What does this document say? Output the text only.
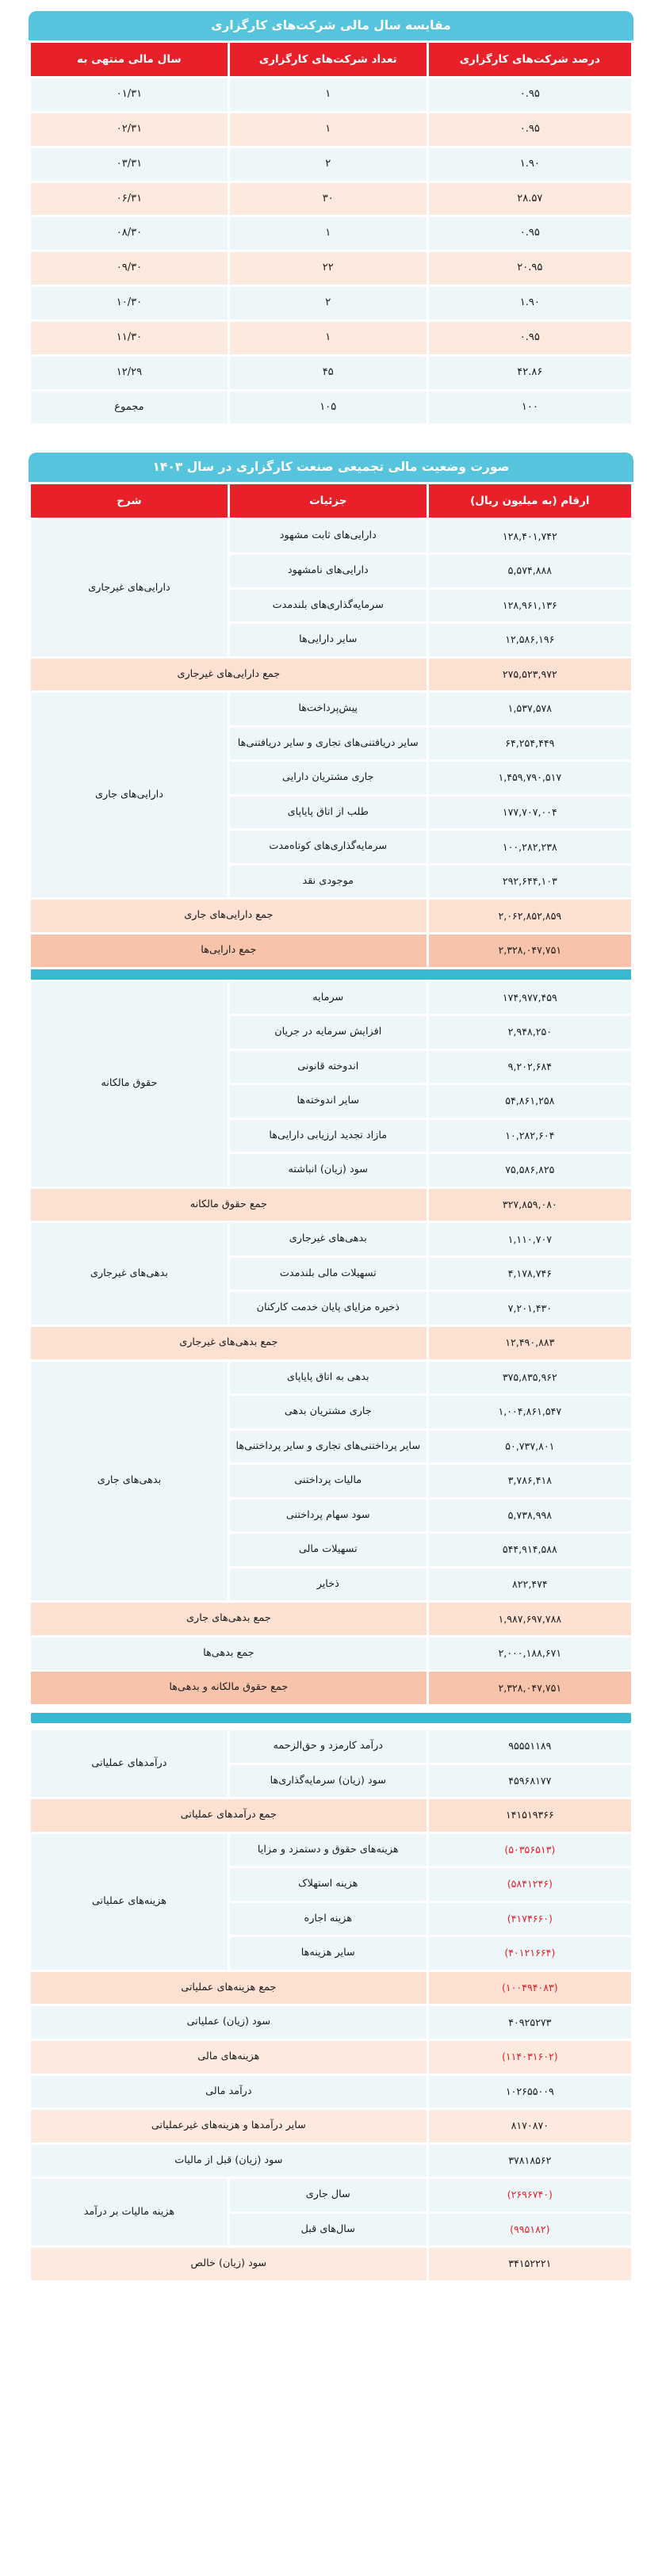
مقایسه سال مالی شرکت‌های کارگزاری
درصد شرکت‌های کارگزاری	تعداد شرکت‌های کارگزاری	سال مالی منتهی به
۰.۹۵	۱	۰۱/۳۱
۰.۹۵	۱	۰۲/۳۱
۱.۹۰	۲	۰۳/۳۱
۲۸.۵۷	۳۰	۰۶/۳۱
۰.۹۵	۱	۰۸/۳۰
۲۰.۹۵	۲۲	۰۹/۳۰
۱.۹۰	۲	۱۰/۳۰
۰.۹۵	۱	۱۱/۳۰
۴۲.۸۶	۴۵	۱۲/۲۹
۱۰۰	۱۰۵	مجموع
صورت وضعیت مالی تجمیعی صنعت کارگزاری در سال ۱۴۰۳
ارقام (به میلیون ریال)	جزئیات	شرح
۱۲۸,۴۰۱,۷۴۲	دارایی‌های ثابت مشهود	دارایی‌های غیرجاری
۵,۵۷۴,۸۸۸	دارایی‌های نامشهود	
۱۲۸,۹۶۱,۱۳۶	سرمایه‌گذاری‌های بلندمدت	
۱۲,۵۸۶,۱۹۶	سایر دارایی‌ها	
۲۷۵,۵۲۳,۹۷۲	جمع دارایی‌های غیرجاری	
۱,۵۳۷,۵۷۸	پیش‌پرداخت‌ها	دارایی‌های جاری
۶۴,۲۵۴,۴۴۹	سایر دریافتنی‌های تجاری و سایر دریافتنی‌ها	
۱,۴۵۹,۷۹۰,۵۱۷	جاری مشتریان دارایی	
۱۷۷,۷۰۷,۰۰۴	طلب از اتاق پایاپای	
۱۰۰,۲۸۲,۲۳۸	سرمایه‌گذاری‌های کوتاه‌مدت	
۲۹۲,۶۴۴,۱۰۳	موجودی نقد	
۲,۰۶۲,۸۵۲,۸۵۹	جمع دارایی‌های جاری	
۲,۳۲۸,۰۴۷,۷۵۱	جمع دارایی‌ها	

۱۷۴,۹۷۷,۴۵۹	سرمایه	حقوق مالکانه
۲,۹۴۸,۲۵۰	افزایش سرمایه در جریان	
۹,۲۰۲,۶۸۴	اندوخته قانونی	
۵۴,۸۶۱,۲۵۸	سایر اندوخته‌ها	
۱۰,۲۸۲,۶۰۴	مازاد تجدید ارزیابی دارایی‌ها	
۷۵,۵۸۶,۸۲۵	سود (زیان) انباشته	
۳۲۷,۸۵۹,۰۸۰	جمع حقوق مالکانه	
۱,۱۱۰,۷۰۷	بدهی‌های غیرجاری	بدهی‌های غیرجاری
۴,۱۷۸,۷۴۶	تسهیلات مالی بلندمدت	
۷,۲۰۱,۴۳۰	ذخیره مزایای پایان خدمت کارکنان	
۱۲,۴۹۰,۸۸۳	جمع بدهی‌های غیرجاری	
۳۷۵,۸۳۵,۹۶۲	بدهی به اتاق پایاپای	بدهی‌های جاری
۱,۰۰۴,۸۶۱,۵۴۷	جاری مشتریان بدهی	
۵۰,۷۳۷,۸۰۱	سایر پرداختنی‌های تجاری و سایر پرداختنی‌ها	
۳,۷۸۶,۴۱۸	مالیات پرداختنی	
۵,۷۳۸,۹۹۸	سود سهام پرداختنی	
۵۴۴,۹۱۴,۵۸۸	تسهیلات مالی	
۸۲۲,۴۷۴	ذخایر	
۱,۹۸۷,۶۹۷,۷۸۸	جمع بدهی‌های جاری	
۲,۰۰۰,۱۸۸,۶۷۱	جمع بدهی‌ها	
۲,۳۲۸,۰۴۷,۷۵۱	جمع حقوق مالکانه و بدهی‌ها	
۹۵۵۵۱۱۸۹	درآمد کارمزد و حق‌الزحمه	درآمدهای عملیاتی
۴۵۹۶۸۱۷۷	سود (زیان) سرمایه‌گذاری‌ها	
۱۴۱۵۱۹۳۶۶	جمع درآمدهای عملیاتی	
(۵۰۳۵۶۵۱۳)	هزینه‌های حقوق و دستمزد و مزایا	هزینه‌های عملیاتی
(۵۸۴۱۲۴۶)	هزینه استهلاک	
(۴۱۷۴۶۶۰)	هزینه اجاره	
(۴۰۱۲۱۶۶۴)	سایر هزینه‌ها	
(۱۰۰۴۹۴۰۸۳)	جمع هزینه‌های عملیاتی	
۴۰۹۲۵۲۷۳	سود (زیان) عملیاتی	
(۱۱۴۰۳۱۶۰۲)	هزینه‌های مالی	
۱۰۲۶۵۵۰۰۹	درآمد مالی	
۸۱۷۰۸۷۰	سایر درآمدها و هزینه‌های غیرعملیاتی	
۳۷۸۱۸۵۶۲	سود (زیان) قبل از مالیات	
(۲۶۹۶۷۴۰)	سال جاری	هزینه مالیات بر درآمد
(۹۹۵۱۸۲)	سال‌های قبل	
۳۴۱۵۲۲۲۱	سود (زیان) خالص	
